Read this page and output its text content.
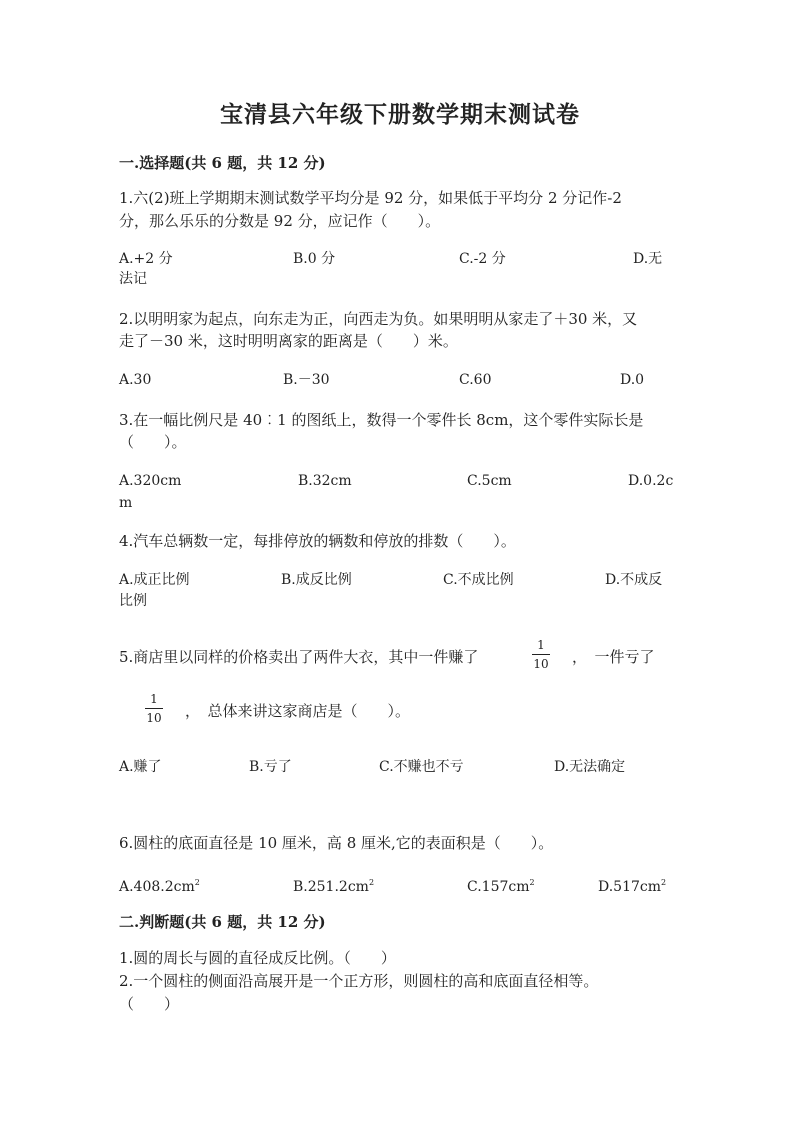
宝清县六年级下册数学期末测试卷
一.选择题(共 6 题，共 12 分)
1.六(2)班上学期期末测试数学平均分是 92 分，如果低于平均分 2 分记作-2
分，那么乐乐的分数是 92 分，应记作（　　）。
A.+2 分	B.0 分	C.-2 分	D.无
法记
2.以明明家为起点，向东走为正，向西走为负。如果明明从家走了＋30 米，又
走了－30 米，这时明明离家的距离是（　　）米。
A.30	B.－30	C.60	D.0
3.在一幅比例尺是 40︰1 的图纸上，数得一个零件长 8cm，这个零件实际长是
（　　）。
A.320cm	B.32cm	C.5cm	D.0.2c
m
4.汽车总辆数一定，每排停放的辆数和停放的排数（　　）。
A.成正比例	B.成反比例	C.不成比例	D.不成反
比例
5.商店里以同样的价格卖出了两件大衣，其中一件赚了
1
10 ，　一件亏了
1
10 ，　总体来讲这家商店是（　　）。
A.赚了	B.亏了	C.不赚也不亏	D.无法确定
6.圆柱的底面直径是 10 厘米，高 8 厘米,它的表面积是（　　）。
$A.408.2cm^2$	$B.251.2cm^2$	$C.157cm^2$	$D.517cm^2$
二.判断题(共 6 题，共 12 分)
1.圆的周长与圆的直径成反比例。（　　）
2.一个圆柱的侧面沿高展开是一个正方形，则圆柱的高和底面直径相等。
（　　）
